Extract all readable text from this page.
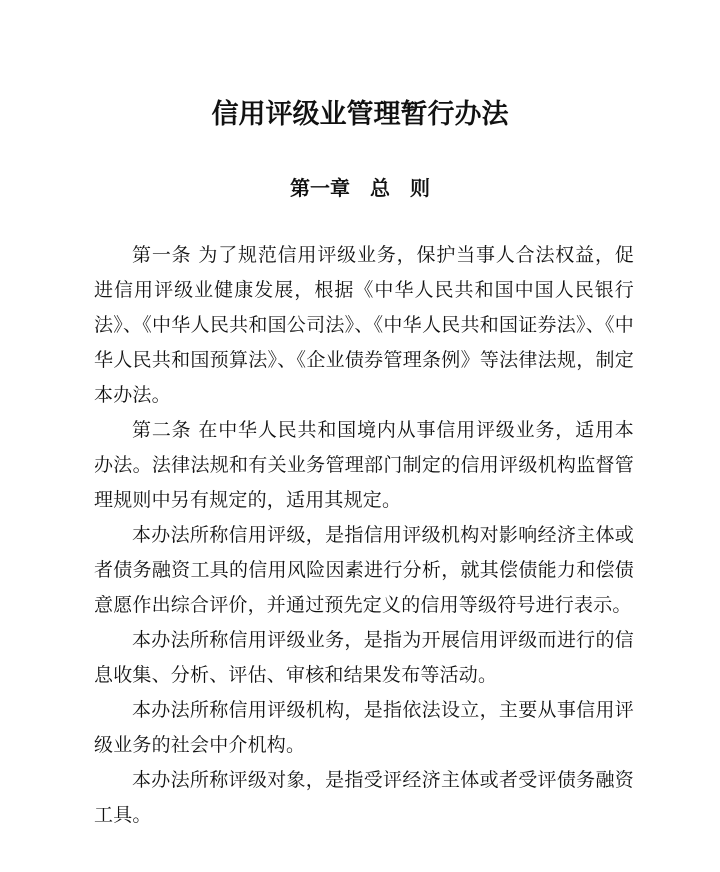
信用评级业管理暂行办法
第一章　总　则

第一条 为了规范信用评级业务，保护当事人合法权益，促进信用评级业健康发展，根据《中华人民共和国中国人民银行法》、《中华人民共和国公司法》、《中华人民共和国证券法》、《中华人民共和国预算法》、《企业债券管理条例》等法律法规，制定本办法。

第二条 在中华人民共和国境内从事信用评级业务，适用本办法。法律法规和有关业务管理部门制定的信用评级机构监督管理规则中另有规定的，适用其规定。

本办法所称信用评级，是指信用评级机构对影响经济主体或者债务融资工具的信用风险因素进行分析，就其偿债能力和偿债意愿作出综合评价，并通过预先定义的信用等级符号进行表示。

本办法所称信用评级业务，是指为开展信用评级而进行的信息收集、分析、评估、审核和结果发布等活动。

本办法所称信用评级机构，是指依法设立，主要从事信用评级业务的社会中介机构。

本办法所称评级对象，是指受评经济主体或者受评债务融资工具。
